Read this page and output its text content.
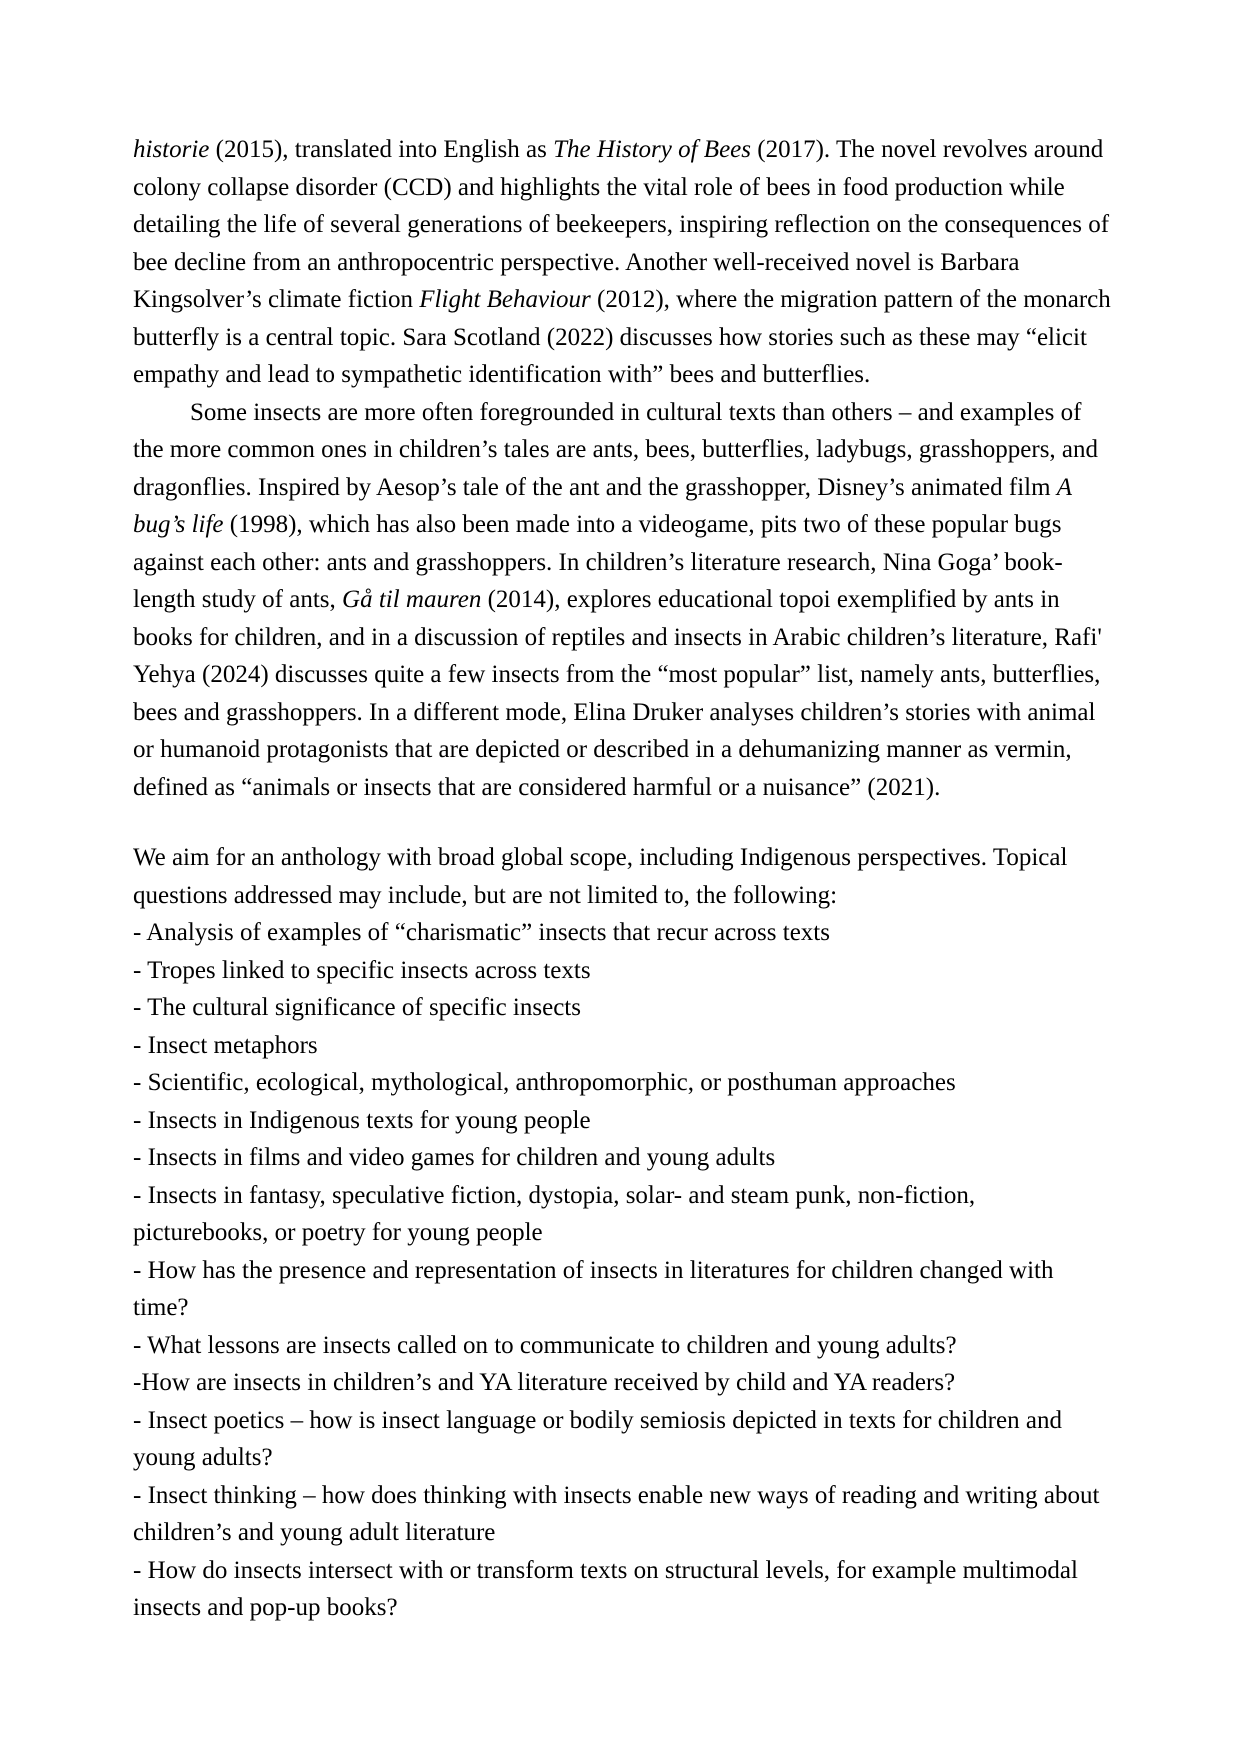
historie (2015), translated into English as The History of Bees (2017). The novel revolves around colony collapse disorder (CCD) and highlights the vital role of bees in food production while detailing the life of several generations of beekeepers, inspiring reflection on the consequences of bee decline from an anthropocentric perspective. Another well-received novel is Barbara Kingsolver’s climate fiction Flight Behaviour (2012), where the migration pattern of the monarch butterfly is a central topic. Sara Scotland (2022) discusses how stories such as these may “elicit empathy and lead to sympathetic identification with” bees and butterflies.

Some insects are more often foregrounded in cultural texts than others – and examples of the more common ones in children’s tales are ants, bees, butterflies, ladybugs, grasshoppers, and dragonflies. Inspired by Aesop’s tale of the ant and the grasshopper, Disney’s animated film A bug’s life (1998), which has also been made into a videogame, pits two of these popular bugs against each other: ants and grasshoppers. In children’s literature research, Nina Goga’ book-length study of ants, Gå til mauren (2014), explores educational topoi exemplified by ants in books for children, and in a discussion of reptiles and insects in Arabic children’s literature, Rafi' Yehya (2024) discusses quite a few insects from the “most popular” list, namely ants, butterflies, bees and grasshoppers. In a different mode, Elina Druker analyses children’s stories with animal or humanoid protagonists that are depicted or described in a dehumanizing manner as vermin, defined as “animals or insects that are considered harmful or a nuisance” (2021).

We aim for an anthology with broad global scope, including Indigenous perspectives. Topical questions addressed may include, but are not limited to, the following:

- Analysis of examples of “charismatic” insects that recur across texts
- Tropes linked to specific insects across texts
- The cultural significance of specific insects
- Insect metaphors
- Scientific, ecological, mythological, anthropomorphic, or posthuman approaches
- Insects in Indigenous texts for young people
- Insects in films and video games for children and young adults
- Insects in fantasy, speculative fiction, dystopia, solar- and steam punk, non-fiction, picturebooks, or poetry for young people
- How has the presence and representation of insects in literatures for children changed with time?
- What lessons are insects called on to communicate to children and young adults?
-How are insects in children’s and YA literature received by child and YA readers?
- Insect poetics – how is insect language or bodily semiosis depicted in texts for children and young adults?
- Insect thinking – how does thinking with insects enable new ways of reading and writing about children’s and young adult literature
- How do insects intersect with or transform texts on structural levels, for example multimodal insects and pop-up books?
